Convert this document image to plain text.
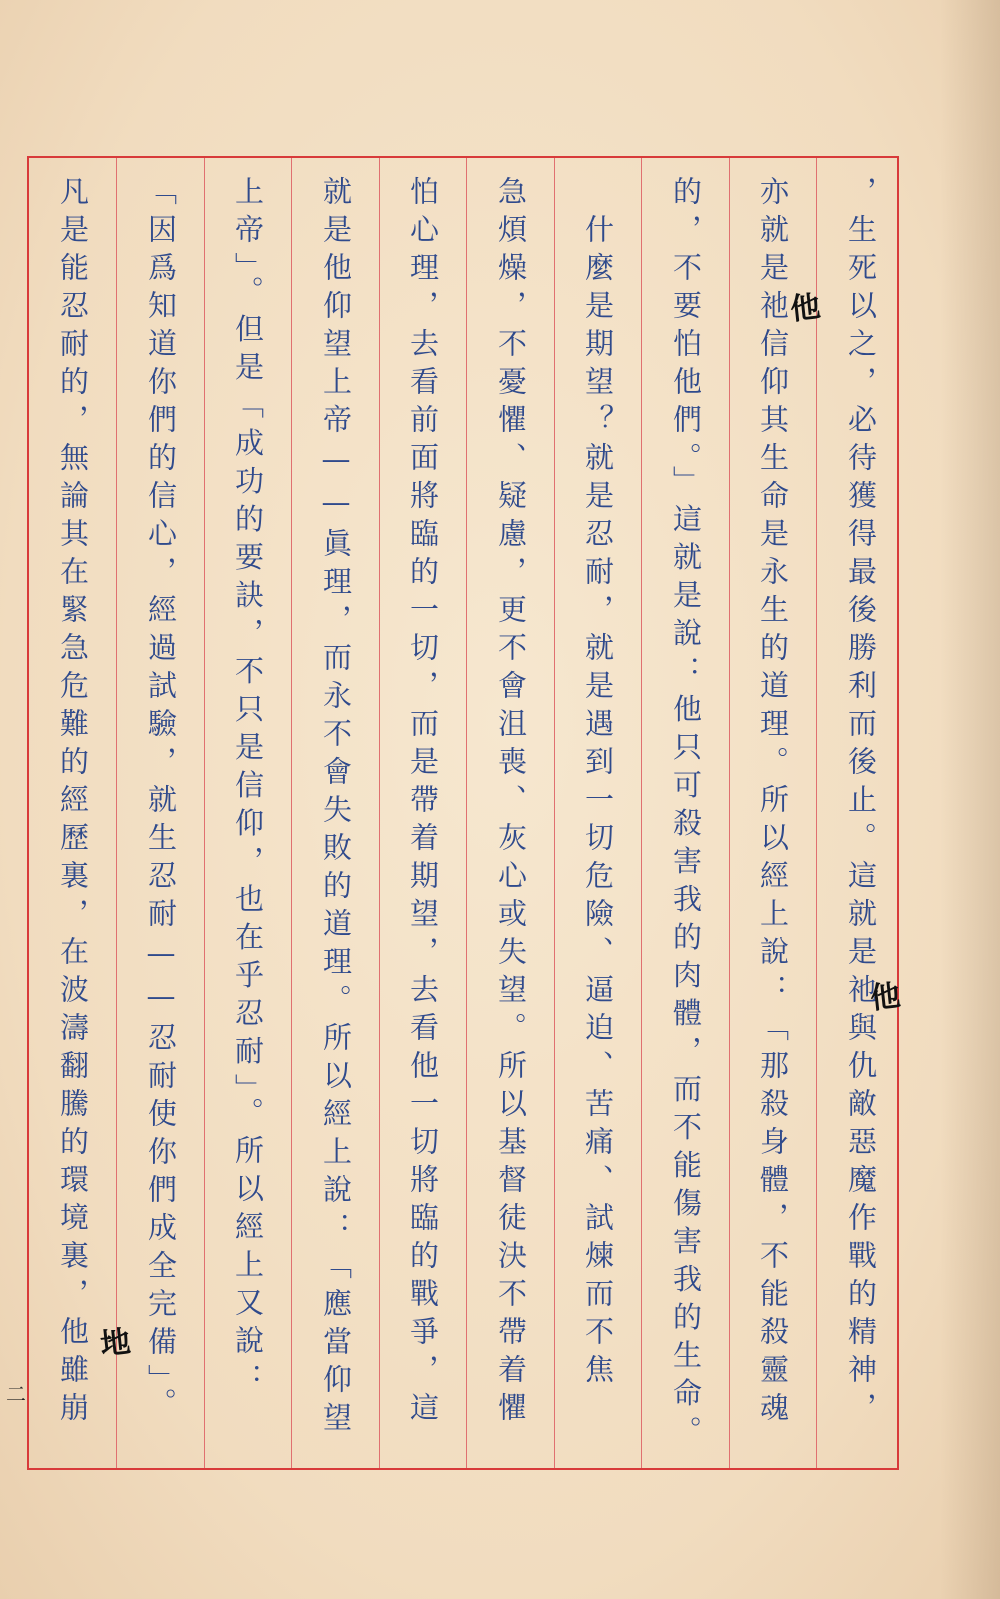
，生死以之，必待獲得最後勝利而後止。這就是祂與仇敵惡魔作戰的精神，
亦就是祂信仰其生命是永生的道理。所以經上說：「那殺身體，不能殺靈魂
的，不要怕他們。」這就是說：他只可殺害我的肉體，而不能傷害我的生命。
　什麼是期望？就是忍耐，就是遇到一切危險、逼迫、苦痛、試煉而不焦
急煩燥，不憂懼、疑慮，更不會沮喪、灰心或失望。所以基督徒決不帶着懼
怕心理，去看前面將臨的一切，而是帶着期望，去看他一切將臨的戰爭，這
就是他仰望上帝——眞理，而永不會失敗的道理。所以經上說：「應當仰望
上帝」。但是「成功的要訣，不只是信仰，也在乎忍耐」。所以經上又說：
「因爲知道你們的信心，經過試驗，就生忍耐——忍耐使你們成全完備」。
凡是能忍耐的，無論其在緊急危難的經歷裏，在波濤翻騰的環境裏，他雖崩	他
他
地
二
